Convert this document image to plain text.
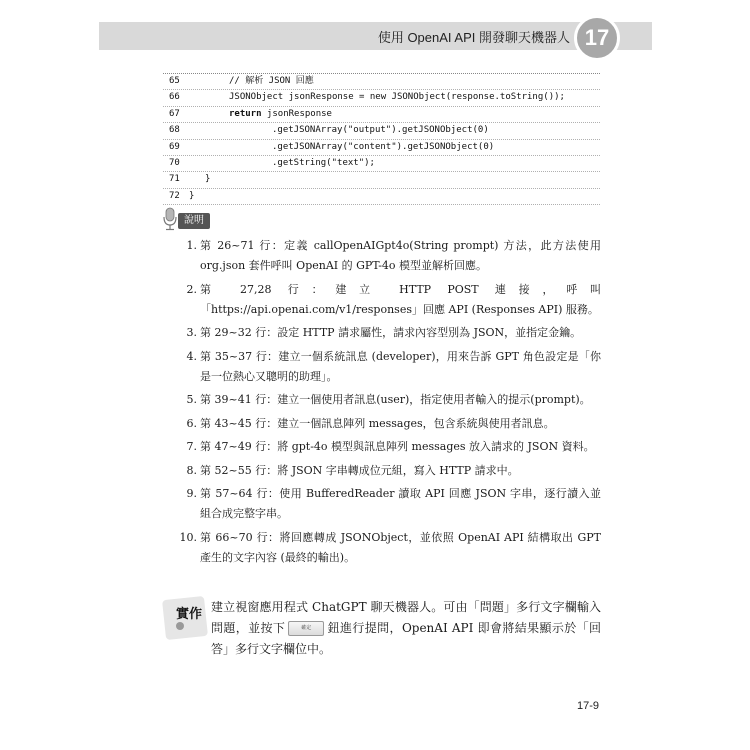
使用 OpenAI API 開發聊天機器人 17
65	// 解析 JSON 回應
66	JSONObject jsonResponse = new JSONObject(response.toString());
67	return jsonResponse
68	.getJSONArray("output").getJSONObject(0)
69	.getJSONArray("content").getJSONObject(0)
70	.getString("text");
71	}
72 }
說明
1. 第 26~71 行：定義 callOpenAIGpt4o(String prompt) 方法，此方法使用 org.json 套件呼叫 OpenAI 的 GPT-4o 模型並解析回應。
2. 第 27,28 行：建立 HTTP POST 連接，呼叫「https://api.openai.com/v1/responses」回應 API (Responses API) 服務。
3. 第 29~32 行：設定 HTTP 請求屬性，請求內容型別為 JSON，並指定金鑰。
4. 第 35~37 行：建立一個系統訊息 (developer)，用來告訴 GPT 角色設定是「你是一位熱心又聰明的助理」。
5. 第 39~41 行：建立一個使用者訊息(user)，指定使用者輸入的提示(prompt)。
6. 第 43~45 行：建立一個訊息陣列 messages，包含系統與使用者訊息。
7. 第 47~49 行：將 gpt-4o 模型與訊息陣列 messages 放入請求的 JSON 資料。
8. 第 52~55 行：將 JSON 字串轉成位元組，寫入 HTTP 請求中。
9. 第 57~64 行：使用 BufferedReader 讀取 API 回應 JSON 字串，逐行讀入並組合成完整字串。
10. 第 66~70 行：將回應轉成 JSONObject，並依照 OpenAI API 結構取出 GPT 產生的文字內容 (最終的輸出)。
實作 建立視窗應用程式 ChatGPT 聊天機器人。可由「問題」多行文字欄輸入問題，並按下	確定 鈕進行提問，OpenAI API 即會將結果顯示於「回答」多行文字欄位中。
17-9
